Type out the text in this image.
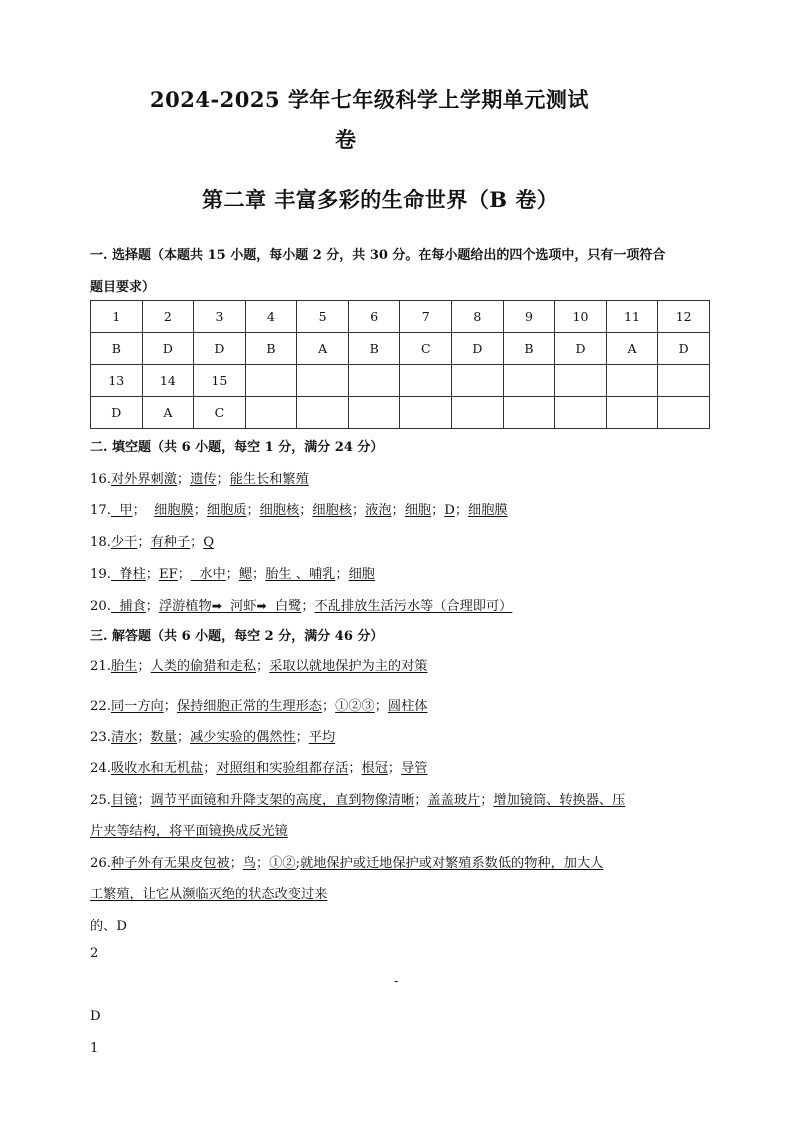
2024-2025 学年七年级科学上学期单元测试
卷
第二章 丰富多彩的生命世界（B 卷）
一. 选择题（本题共 15 小题，每小题 2 分，共 30 分。在每小题给出的四个选项中，只有一项符合
题目要求）
1	2	3	4	5	6	7	8	9	10	11	12
B	D	D	B	A	B	C	D	B	D	A	D
13	14	15									
D	A	C									
二. 填空题（共 6 小题，每空 1 分，满分 24 分）
16.对外界刺激；遗传；能生长和繁殖
17.  甲；  细胞膜；细胞质；细胞核；细胞核；液泡；细胞；D；细胞膜
18.少干；有种子；Q
19.  脊柱；EF；  水中；鳃；胎生 、哺乳；细胞
20.  捕食；浮游植物➡  河虾➡  白鹭；不乱排放生活污水等（合理即可）
三. 解答题（共 6 小题，每空 2 分，满分 46 分）
21.胎生；人类的偷猎和走私；采取以就地保护为主的对策
22.同一方向；保持细胞正常的生理形态；①②③；圆柱体
23.清水；数量；减少实验的偶然性；平均
24.吸收水和无机盐；对照组和实验组都存活；根冠；导管
25.目镜；调节平面镜和升降支架的高度，直到物像清晰；盖盖玻片；增加镜筒、转换器、压
片夹等结构，将平面镜换成反光镜
26.种子外有无果皮包被；鸟；①②;就地保护或迁地保护或对繁殖系数低的物种，加大人
工繁殖，让它从濒临灭绝的状态改变过来
的、D
2
-
D
1
